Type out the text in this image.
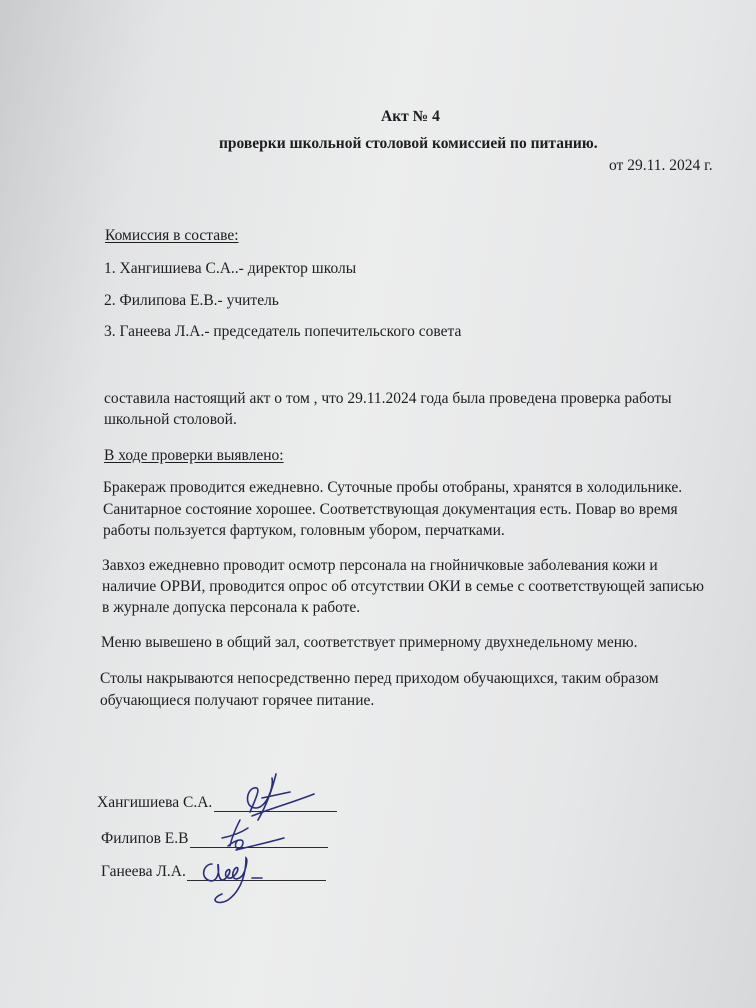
Акт № 4
проверки школьной столовой комиссией по питанию.
от 29.11. 2024 г.
Комиссия в составе:
1. Хангишиева С.А..- директор школы
2. Филипова Е.В.- учитель
3. Ганеева Л.А.- председатель попечительского совета
составила настоящий акт о том , что 29.11.2024 года была проведена проверка работы
школьной столовой.
В ходе проверки выявлено:
Бракераж проводится ежедневно. Суточные пробы отобраны, хранятся в холодильнике.
Санитарное состояние хорошее. Соответствующая документация есть. Повар во время
работы пользуется фартуком, головным убором, перчатками.
Завхоз ежедневно проводит осмотр персонала на гнойничковые заболевания кожи и
наличие ОРВИ, проводится опрос об отсутствии ОКИ в семье с соответствующей записью
в журнале допуска персонала к работе.
Меню вывешено в общий зал, соответствует примерному двухнедельному меню.
Столы накрываются непосредственно перед приходом обучающихся, таким образом
обучающиеся получают горячее питание.
Хангишиева С.А.
Филипов Е.В
Ганеева Л.А.
